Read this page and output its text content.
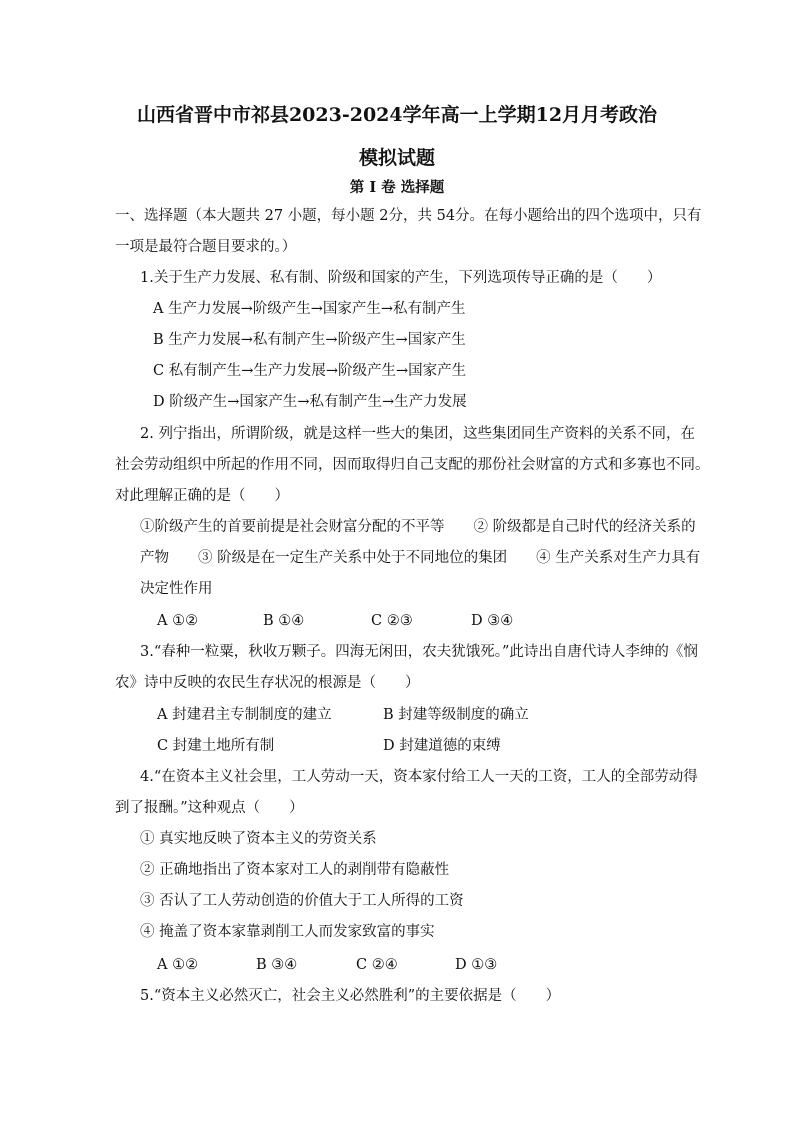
山西省晋中市祁县2023-2024学年高一上学期12月月考政治
模拟试题
第 I 卷 选择题
一、选择题（本大题共 27 小题，每小题 2分，共 54分。在每小题给出的四个选项中，只有
一项是最符合题目要求的。）
1.关于生产力发展、私有制、阶级和国家的产生，下列选项传导正确的是（　　）
A 生产力发展→阶级产生→国家产生→私有制产生
B 生产力发展→私有制产生→阶级产生→国家产生
C 私有制产生→生产力发展→阶级产生→国家产生
D 阶级产生→国家产生→私有制产生→生产力发展
2. 列宁指出，所谓阶级，就是这样一些大的集团，这些集团同生产资料的关系不同，在
社会劳动组织中所起的作用不同，因而取得归自己支配的那份社会财富的方式和多寡也不同。
对此理解正确的是（　　）
①阶级产生的首要前提是社会财富分配的不平等　　② 阶级都是自己时代的经济关系的
产物　　③ 阶级是在一定生产关系中处于不同地位的集团　　④ 生产关系对生产力具有
决定性作用
A ①②	B ①④	C ②③	D ③④
3.“春种一粒粟，秋收万颗子。四海无闲田，农夫犹饿死。”此诗出自唐代诗人李绅的《悯
农》诗中反映的农民生存状况的根源是（　　）
A 封建君主专制制度的建立	B 封建等级制度的确立
C 封建土地所有制	D 封建道德的束缚
4.“在资本主义社会里，工人劳动一天，资本家付给工人一天的工资，工人的全部劳动得
到了报酬。”这种观点（　　）
① 真实地反映了资本主义的劳资关系
② 正确地指出了资本家对工人的剥削带有隐蔽性
③ 否认了工人劳动创造的价值大于工人所得的工资
④ 掩盖了资本家靠剥削工人而发家致富的事实
A ①②	B ③④	C ②④	D ①③
5.“资本主义必然灭亡，社会主义必然胜利”的主要依据是（　　）
